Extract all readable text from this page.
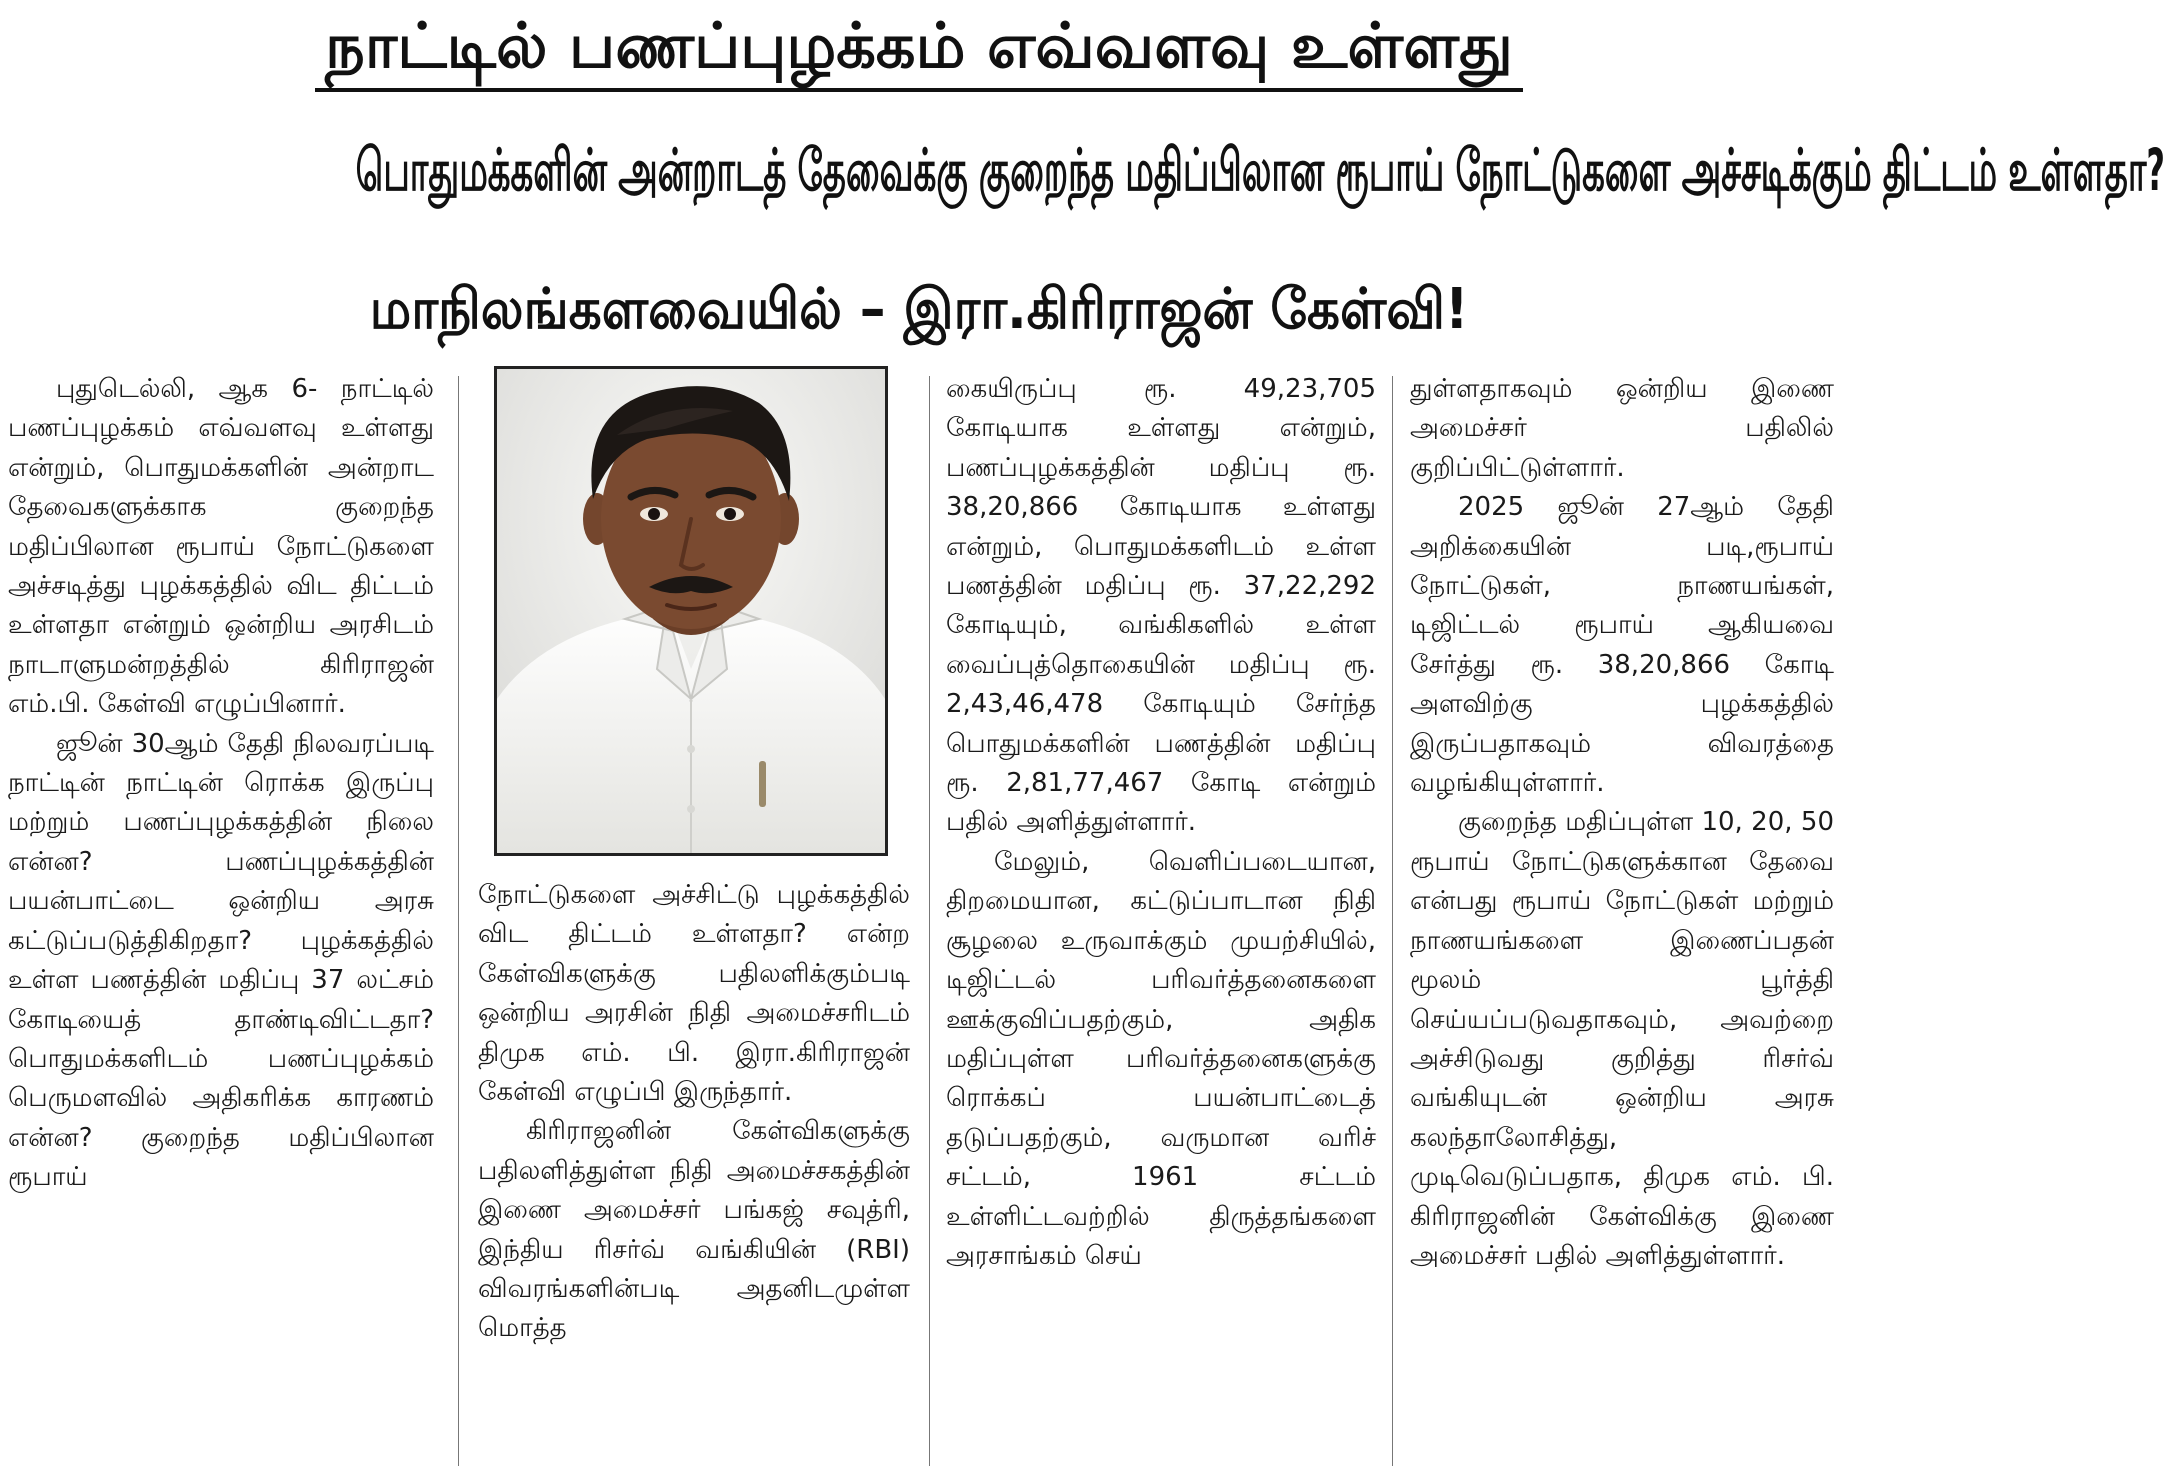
நாட்டில் பணப்புழக்கம் எவ்வளவு உள்ளது
பொதுமக்களின் அன்றாடத் தேவைக்கு குறைந்த மதிப்பிலான ரூபாய் நோட்டுகளை அச்சடிக்கும் திட்டம் உள்ளதா?
மாநிலங்களவையில் – இரா.கிரிராஜன் கேள்வி!

புதுடெல்லி, ஆக 6- நாட்டில் பணப்புழக்கம் எவ்வளவு உள்ளது என்றும், பொதுமக்களின் அன்றாட தேவைகளுக்காக குறைந்த மதிப்பிலான ரூபாய் நோட்டுகளை அச்சடித்து புழக்கத்தில் விட திட்டம் உள்ளதா என்றும் ஒன்றிய அரசிடம் நாடாளுமன்றத்தில் கிரிராஜன் எம்.பி. கேள்வி எழுப்பினார்.

ஜூன் 30ஆம் தேதி நிலவரப்படி நாட்டின் நாட்டின் ரொக்க இருப்பு மற்றும் பணப்புழக்கத்தின் நிலை என்ன? பணப்புழக்கத்தின் பயன்பாட்டை ஒன்றிய அரசு கட்டுப்படுத்திகிறதா? புழக்கத்தில் உள்ள பணத்தின் மதிப்பு 37 லட்சம் கோடியைத் தாண்டிவிட்டதா? பொதுமக்களிடம் பணப்புழக்கம் பெருமளவில் அதிகரிக்க காரணம் என்ன? குறைந்த மதிப்பிலான ரூபாய்

நோட்டுகளை அச்சிட்டு புழக்கத்தில் விட திட்டம் உள்ளதா? என்ற கேள்விகளுக்கு பதிலளிக்கும்படி ஒன்றிய அரசின் நிதி அமைச்சரிடம் திமுக எம். பி. இரா.கிரிராஜன் கேள்வி எழுப்பி இருந்தார்.

கிரிராஜனின் கேள்விகளுக்கு பதிலளித்துள்ள நிதி அமைச்சகத்தின் இணை அமைச்சர் பங்கஜ் சவுத்ரி, இந்திய ரிசர்வ் வங்கியின் (RBI) விவரங்களின்படி அதனிடமுள்ள மொத்த

கையிருப்பு ரூ. 49,23,705 கோடியாக உள்ளது என்றும், பணப்புழக்கத்தின் மதிப்பு ரூ. 38,20,866 கோடியாக உள்ளது என்றும், பொதுமக்களிடம் உள்ள பணத்தின் மதிப்பு ரூ. 37,22,292 கோடியும், வங்கிகளில் உள்ள வைப்புத்தொகையின் மதிப்பு ரூ. 2,43,46,478 கோடியும் சேர்ந்த பொதுமக்களின் பணத்தின் மதிப்பு ரூ. 2,81,77,467 கோடி என்றும் பதில் அளித்துள்ளார்.

மேலும், வெளிப்படையான, திறமையான, கட்டுப்பாடான நிதி சூழலை உருவாக்கும் முயற்சியில், டிஜிட்டல் பரிவர்த்தனைகளை ஊக்குவிப்பதற்கும், அதிக மதிப்புள்ள பரிவர்த்தனைகளுக்கு ரொக்கப் பயன்பாட்டைத் தடுப்பதற்கும், வருமான வரிச் சட்டம், 1961 சட்டம் உள்ளிட்டவற்றில் திருத்தங்களை அரசாங்கம் செய்

துள்ளதாகவும் ஒன்றிய இணை அமைச்சர் பதிலில் குறிப்பிட்டுள்ளார்.

2025 ஜூன் 27ஆம் தேதி அறிக்கையின் படி,ரூபாய் நோட்டுகள், நாணயங்கள், டிஜிட்டல் ரூபாய் ஆகியவை சேர்த்து ரூ. 38,20,866 கோடி அளவிற்கு புழக்கத்தில் இருப்பதாகவும் விவரத்தை வழங்கியுள்ளார்.

குறைந்த மதிப்புள்ள 10, 20, 50 ரூபாய் நோட்டுகளுக்கான தேவை என்பது ரூபாய் நோட்டுகள் மற்றும் நாணயங்களை இணைப்பதன் மூலம் பூர்த்தி செய்யப்படுவதாகவும், அவற்றை அச்சிடுவது குறித்து ரிசர்வ் வங்கியுடன் ஒன்றிய அரசு கலந்தாலோசித்து, முடிவெடுப்பதாக, திமுக எம். பி. கிரிராஜனின் கேள்விக்கு இணை அமைச்சர் பதில் அளித்துள்ளார்.
